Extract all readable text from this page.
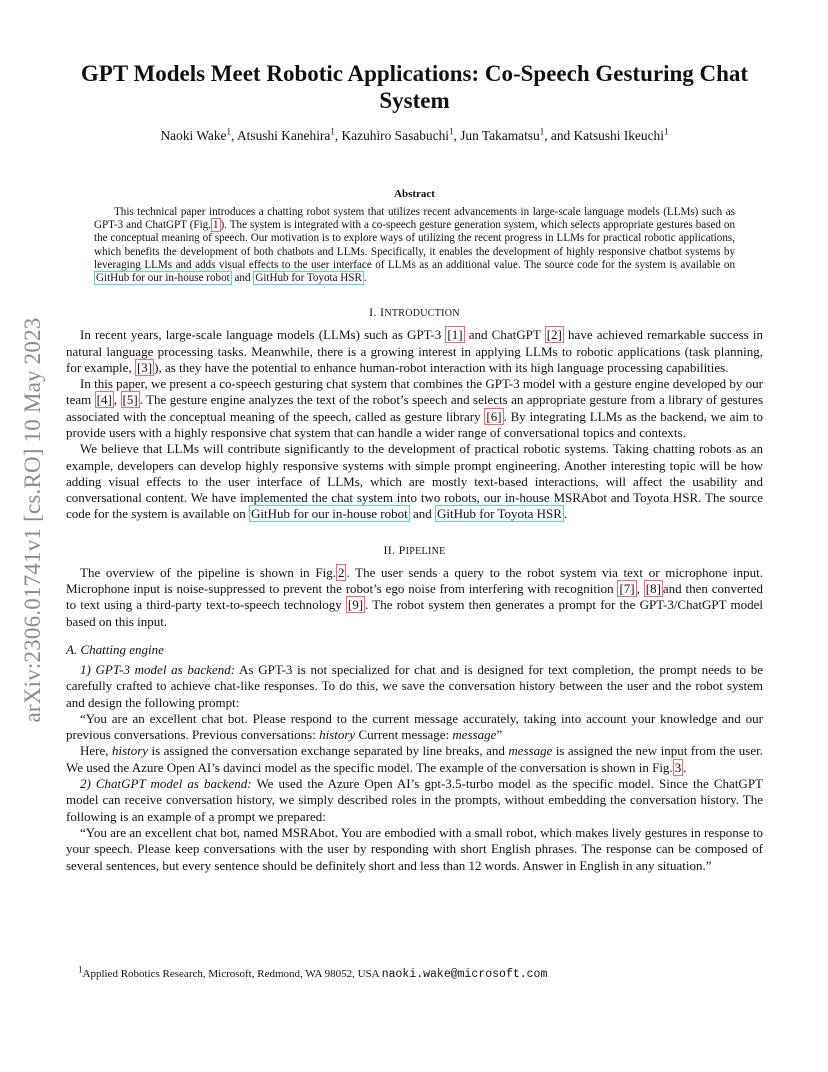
arXiv:2306.01741v1 [cs.RO] 10 May 2023
GPT Models Meet Robotic Applications: Co-Speech Gesturing Chat System
Naoki Wake$^1$, Atsushi Kanehira$^1$, Kazuhiro Sasabuchi$^1$, Jun Takamatsu$^1$, and Katsushi Ikeuchi$^1$
Abstract
This technical paper introduces a chatting robot system that utilizes recent advancements in large-scale language models (LLMs) such as GPT-3 and ChatGPT (Fig. 1 ). The system is integrated with a co-speech gesture generation system, which selects appropriate gestures based on the conceptual meaning of speech. Our motivation is to explore ways of utilizing the recent progress in LLMs for practical robotic applications, which benefits the development of both chatbots and LLMs. Specifically, it enables the development of highly responsive chatbot systems by leveraging LLMs and adds visual effects to the user interface of LLMs as an additional value. The source code for the system is available on GitHub for our in-house robot and GitHub for Toyota HSR .
I. INTRODUCTION

In recent years, large-scale language models (LLMs) such as GPT-3 [1] and ChatGPT [2] have achieved remarkable success in natural language processing tasks. Meanwhile, there is a growing interest in applying LLMs to robotic applications (task planning, for example, [3] ), as they have the potential to enhance human-robot interaction with its high language processing capabilities.

In this paper, we present a co-speech gesturing chat system that combines the GPT-3 model with a gesture engine developed by our team [4] , [5] . The gesture engine analyzes the text of the robot’s speech and selects an appropriate gesture from a library of gestures associated with the conceptual meaning of the speech, called as gesture library [6] . By integrating LLMs as the backend, we aim to provide users with a highly responsive chat system that can handle a wider range of conversational topics and contexts.

We believe that LLMs will contribute significantly to the development of practical robotic systems. Taking chatting robots as an example, developers can develop highly responsive systems with simple prompt engineering. Another interesting topic will be how adding visual effects to the user interface of LLMs, which are mostly text-based interactions, will affect the usability and conversational content. We have implemented the chat system into two robots, our in-house MSRAbot and Toyota HSR. The source code for the system is available on GitHub for our in-house robot and GitHub for Toyota HSR .

II. PIPELINE

The overview of the pipeline is shown in Fig. 2 . The user sends a query to the robot system via text or microphone input. Microphone input is noise-suppressed to prevent the robot’s ego noise from interfering with recognition [7] , [8] and then converted to text using a third-party text-to-speech technology [9] . The robot system then generates a prompt for the GPT-3/ChatGPT model based on this input.

A. Chatting engine

1) GPT-3 model as backend: As GPT-3 is not specialized for chat and is designed for text completion, the prompt needs to be carefully crafted to achieve chat-like responses. To do this, we save the conversation history between the user and the robot system and design the following prompt:

“You are an excellent chat bot. Please respond to the current message accurately, taking into account your knowledge and our previous conversations. Previous conversations: history Current message: message”

Here, history is assigned the conversation exchange separated by line breaks, and message is assigned the new input from the user. We used the Azure Open AI’s davinci model as the specific model. The example of the conversation is shown in Fig. 3 .

2) ChatGPT model as backend: We used the Azure Open AI’s gpt-3.5-turbo model as the specific model. Since the ChatGPT model can receive conversation history, we simply described roles in the prompts, without embedding the conversation history. The following is an example of a prompt we prepared:

“You are an excellent chat bot, named MSRAbot. You are embodied with a small robot, which makes lively gestures in response to your speech. Please keep conversations with the user by responding with short English phrases. The response can be composed of several sentences, but every sentence should be definitely short and less than 12 words. Answer in English in any situation.”

$^1$Applied Robotics Research, Microsoft, Redmond, WA 98052, USA naoki.wake@microsoft.com
